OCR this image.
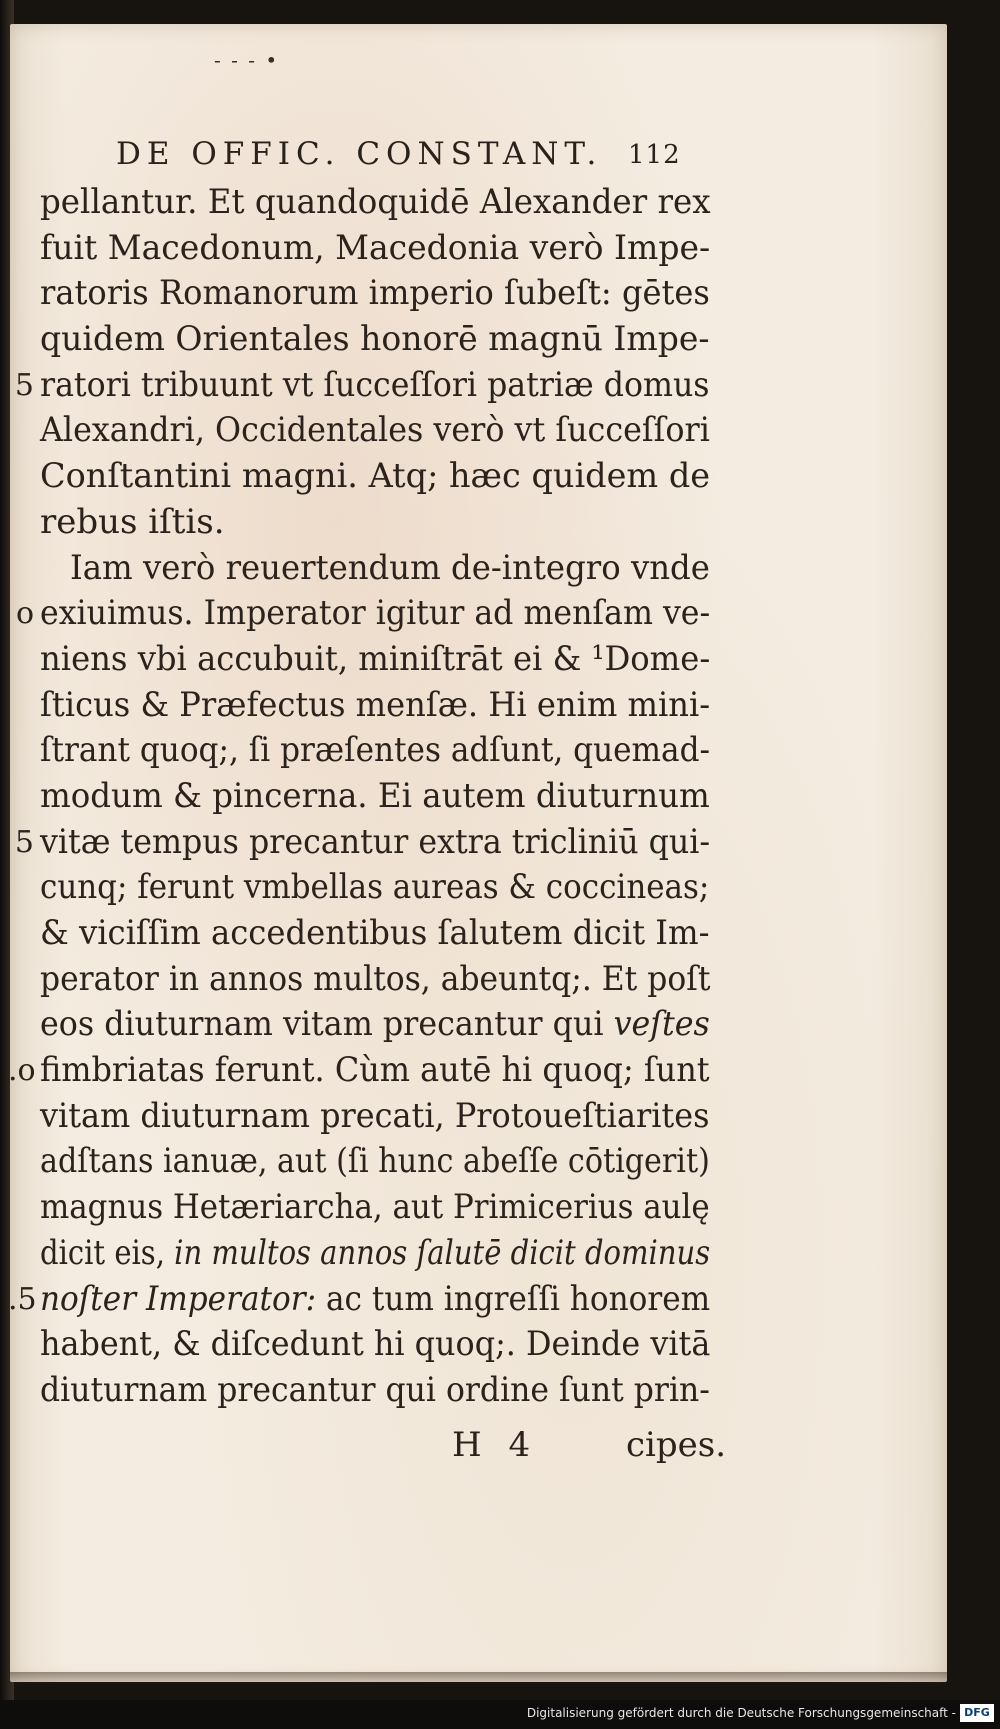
- - - •
DE OFFIC. CONSTANT. 112
pellantur. Et quandoquidē Alexander rex
fuit Macedonum, Macedonia verò Impe-
ratoris Romanorum imperio ſubeſt: gētes
quidem Orientales honorē magnū Impe-
5 ratori tribuunt vt ſucceſſori patriæ domus
Alexandri, Occidentales verò vt ſucceſſori
Conſtantini magni. Atq; hæc quidem de
rebus iſtis.
Iam verò reuertendum de-integro vnde
o exiuimus. Imperator igitur ad menſam ve-
niens vbi accubuit, miniſtrāt ei & ¹Dome-
ſticus & Præfectus menſæ. Hi enim mini-
ſtrant quoq;, ſi præſentes adſunt, quemad-
modum & pincerna. Ei autem diuturnum
5 vitæ tempus precantur extra tricliniū qui-
cunq; ferunt vmbellas aureas & coccineas;
& viciſſim accedentibus ſalutem dicit Im-
perator in annos multos, abeuntq;. Et poſt
eos diuturnam vitam precantur qui veſtes
.o fimbriatas ferunt. Cùm autē hi quoq; ſunt
vitam diuturnam precati, Protoueſtiarites
adſtans ianuæ, aut (ſi hunc abeſſe cōtigerit)
magnus Hetæriarcha, aut Primicerius aulę
dicit eis, in multos annos ſalutē dicit dominus
.5 noſter Imperator: ac tum ingreſſi honorem
habent, & diſcedunt hi quoq;. Deinde vitā
diuturnam precantur qui ordine ſunt prin-
H 4	cipes.
Digitalisierung gefördert durch die Deutsche Forschungsgemeinschaft - DFG
